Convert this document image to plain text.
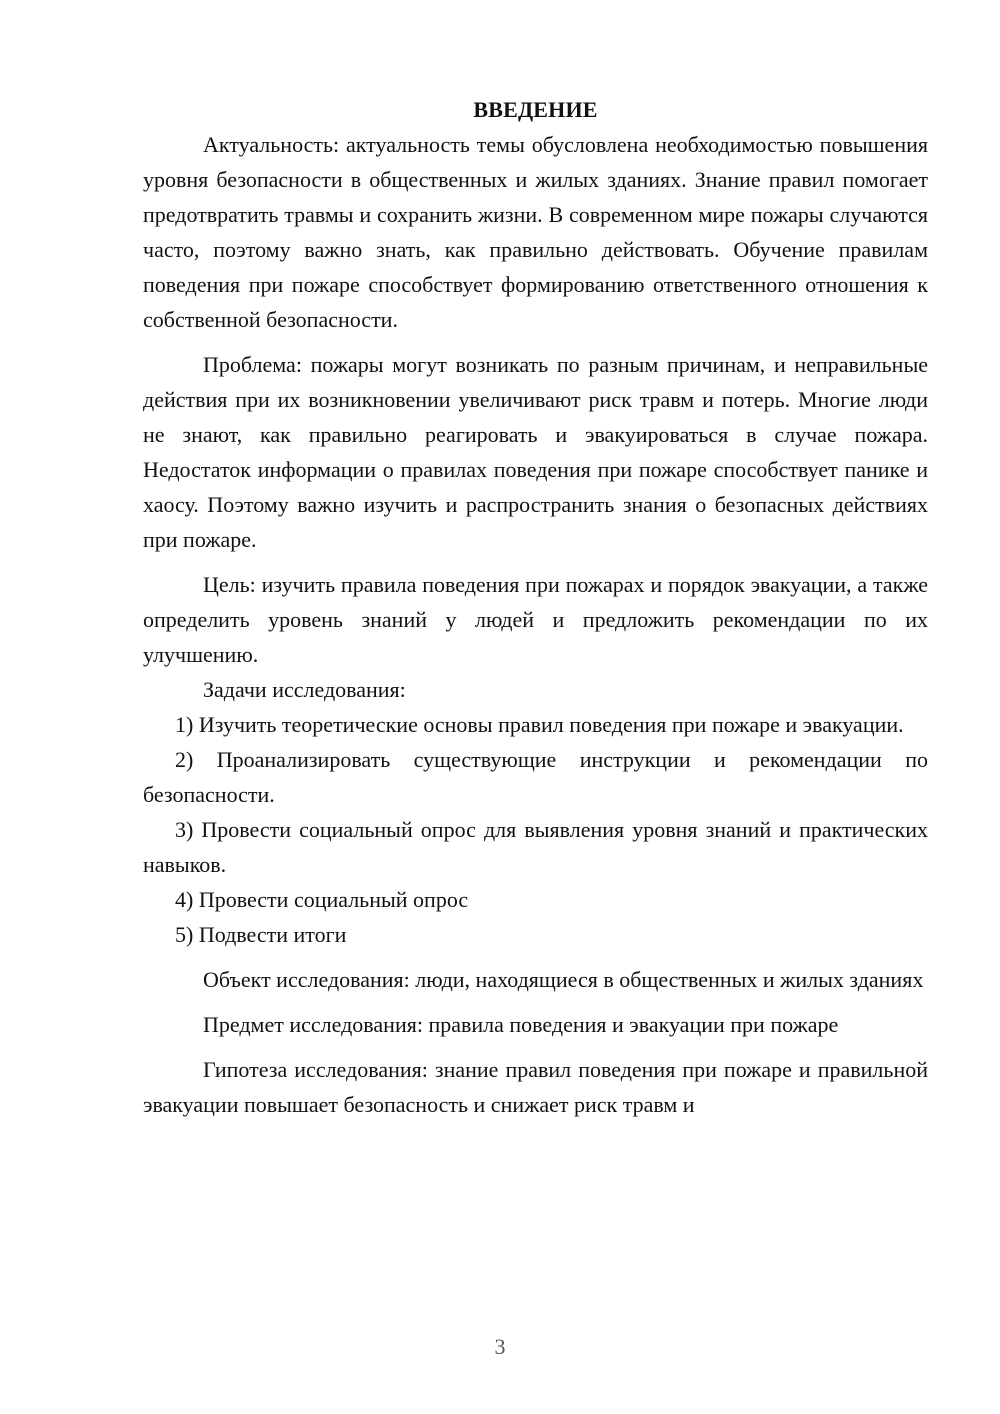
ВВЕДЕНИЕ

Актуальность: актуальность темы обусловлена необходимостью повышения уровня безопасности в общественных и жилых зданиях. Знание правил помогает предотвратить травмы и сохранить жизни. В современном мире пожары случаются часто, поэтому важно знать, как правильно действовать. Обучение правилам поведения при пожаре способствует формированию ответственного отношения к собственной безопасности.

Проблема: пожары могут возникать по разным причинам, и неправильные действия при их возникновении увеличивают риск травм и потерь. Многие люди не знают, как правильно реагировать и эвакуироваться в случае пожара. Недостаток информации о правилах поведения при пожаре способствует панике и хаосу. Поэтому важно изучить и распространить знания о безопасных действиях при пожаре.

Цель: изучить правила поведения при пожарах и порядок эвакуации, а также определить уровень знаний у людей и предложить рекомендации по их улучшению.

Задачи исследования:

1) Изучить теоретические основы правил поведения при пожаре и эвакуации.

2) Проанализировать существующие инструкции и рекомендации по безопасности.

3) Провести социальный опрос для выявления уровня знаний и практических навыков.

4) Провести социальный опрос

5) Подвести итоги

Объект исследования: люди, находящиеся в общественных и жилых зданиях

Предмет исследования: правила поведения и эвакуации при пожаре

Гипотеза исследования: знание правил поведения при пожаре и правильной эвакуации повышает безопасность и снижает риск травм и

3
